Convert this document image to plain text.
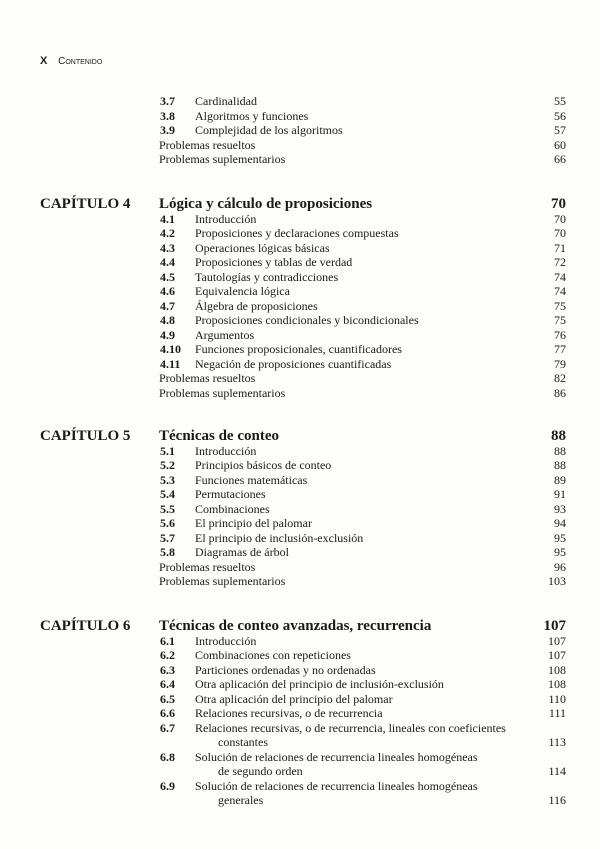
X Contenido
3.7 Cardinalidad	55
3.8 Algoritmos y funciones	56
3.9 Complejidad de los algoritmos	57
Problemas resueltos	60
Problemas suplementarios	66
CAPÍTULO 4 Lógica y cálculo de proposiciones	70
4.1 Introducción	70
4.2 Proposiciones y declaraciones compuestas	70
4.3 Operaciones lógicas básicas	71
4.4 Proposiciones y tablas de verdad	72
4.5 Tautologías y contradicciones	74
4.6 Equivalencia lógica	74
4.7 Álgebra de proposiciones	75
4.8 Proposiciones condicionales y bicondicionales	75
4.9 Argumentos	76
4.10 Funciones proposicionales, cuantificadores	77
4.11 Negación de proposiciones cuantificadas	79
Problemas resueltos	82
Problemas suplementarios	86
CAPÍTULO 5 Técnicas de conteo	88
5.1 Introducción	88
5.2 Principios básicos de conteo	88
5.3 Funciones matemáticas	89
5.4 Permutaciones	91
5.5 Combinaciones	93
5.6 El principio del palomar	94
5.7 El principio de inclusión-exclusión	95
5.8 Diagramas de árbol	95
Problemas resueltos	96
Problemas suplementarios	103
CAPÍTULO 6 Técnicas de conteo avanzadas, recurrencia	107
6.1 Introducción	107
6.2 Combinaciones con repeticiones	107
6.3 Particiones ordenadas y no ordenadas	108
6.4 Otra aplicación del principio de inclusión-exclusión	108
6.5 Otra aplicación del principio del palomar	110
6.6 Relaciones recursivas, o de recurrencia	111
6.7 Relaciones recursivas, o de recurrencia, lineales con coeficientes
constantes	113
6.8 Solución de relaciones de recurrencia lineales homogéneas
de segundo orden	114
6.9 Solución de relaciones de recurrencia lineales homogéneas
generales	116
